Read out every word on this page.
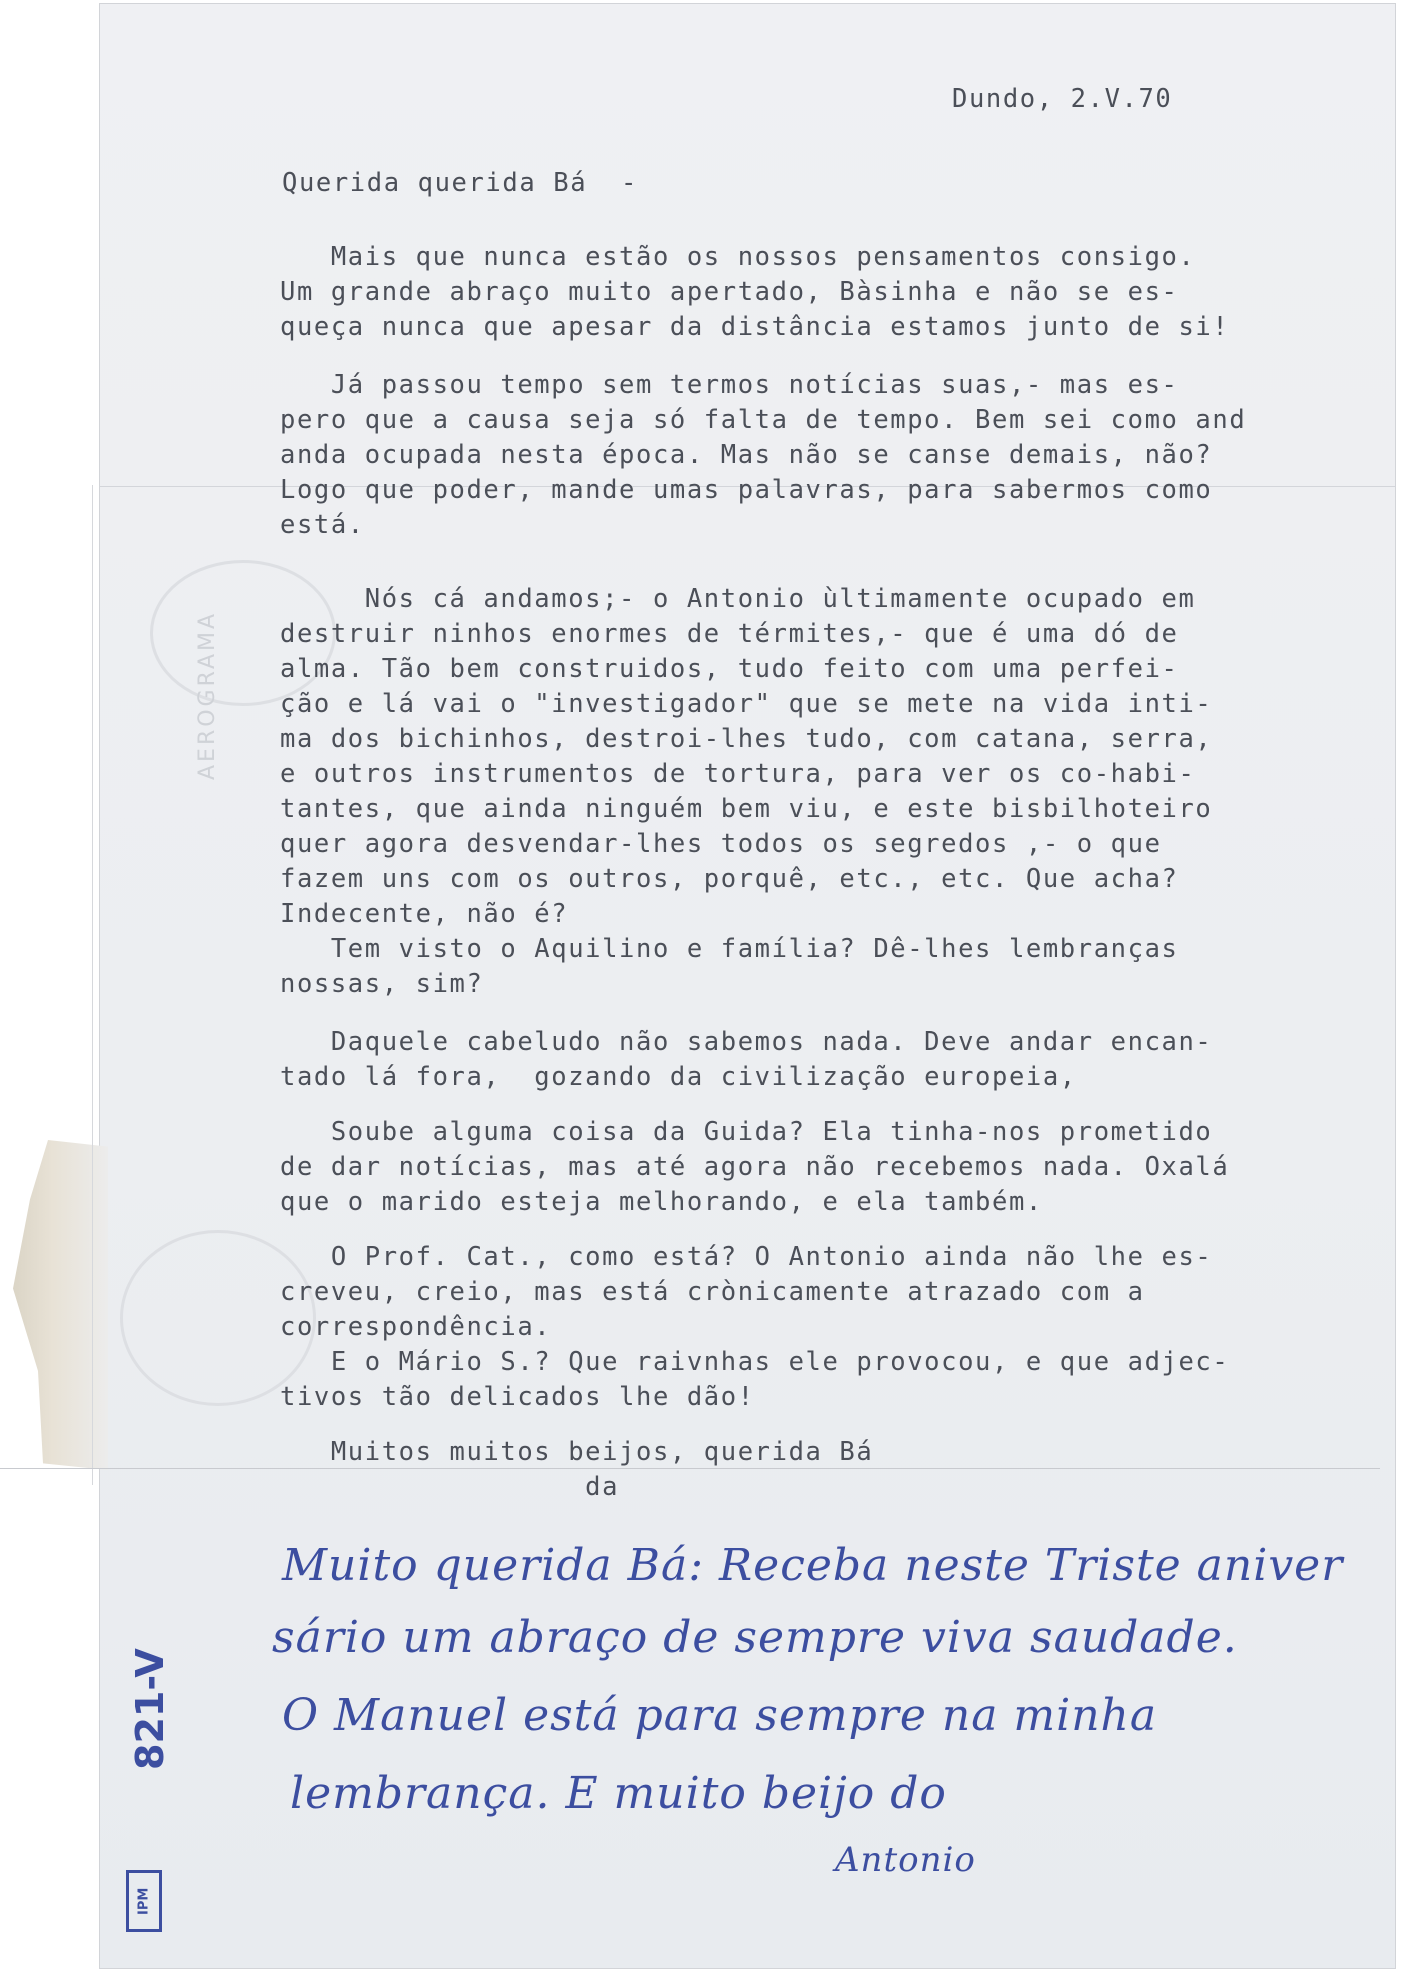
AEROGRAMA
Dundo, 2.V.70
Querida querida Bá  -
Mais que nunca estão os nossos pensamentos consigo.
Um grande abraço muito apertado, Bàsinha e não se es-
queça nunca que apesar da distância estamos junto de si!
Já passou tempo sem termos notícias suas,- mas es-
pero que a causa seja só falta de tempo. Bem sei como and
anda ocupada nesta época. Mas não se canse demais, não?
Logo que poder, mande umas palavras, para sabermos como
está.
Nós cá andamos;- o Antonio ùltimamente ocupado em
destruir ninhos enormes de térmites,- que é uma dó de
alma. Tão bem construidos, tudo feito com uma perfei-
ção e lá vai o "investigador" que se mete na vida inti-
ma dos bichinhos, destroi-lhes tudo, com catana, serra,
e outros instrumentos de tortura, para ver os co-habi-
tantes, que ainda ninguém bem viu, e este bisbilhoteiro
quer agora desvendar-lhes todos os segredos ,- o que
fazem uns com os outros, porquê, etc., etc. Que acha?
Indecente, não é?
Tem visto o Aquilino e família? Dê-lhes lembranças
nossas, sim?
Daquele cabeludo não sabemos nada. Deve andar encan-
tado lá fora,  gozando da civilização europeia,
Soube alguma coisa da Guida? Ela tinha-nos prometido
de dar notícias, mas até agora não recebemos nada. Oxalá
que o marido esteja melhorando, e ela também.
O Prof. Cat., como está? O Antonio ainda não lhe es-
creveu, creio, mas está crònicamente atrazado com a
correspondência.
E o Mário S.? Que raivnhas ele provocou, e que adjec-
tivos tão delicados lhe dão!
Muitos muitos beijos, querida Bá
da
Muito querida Bá: Receba neste Triste aniver
sário um abraço de sempre viva saudade.
O Manuel está para sempre na minha
lembrança. E muito beijo do
Antonio
821-V
IPM
